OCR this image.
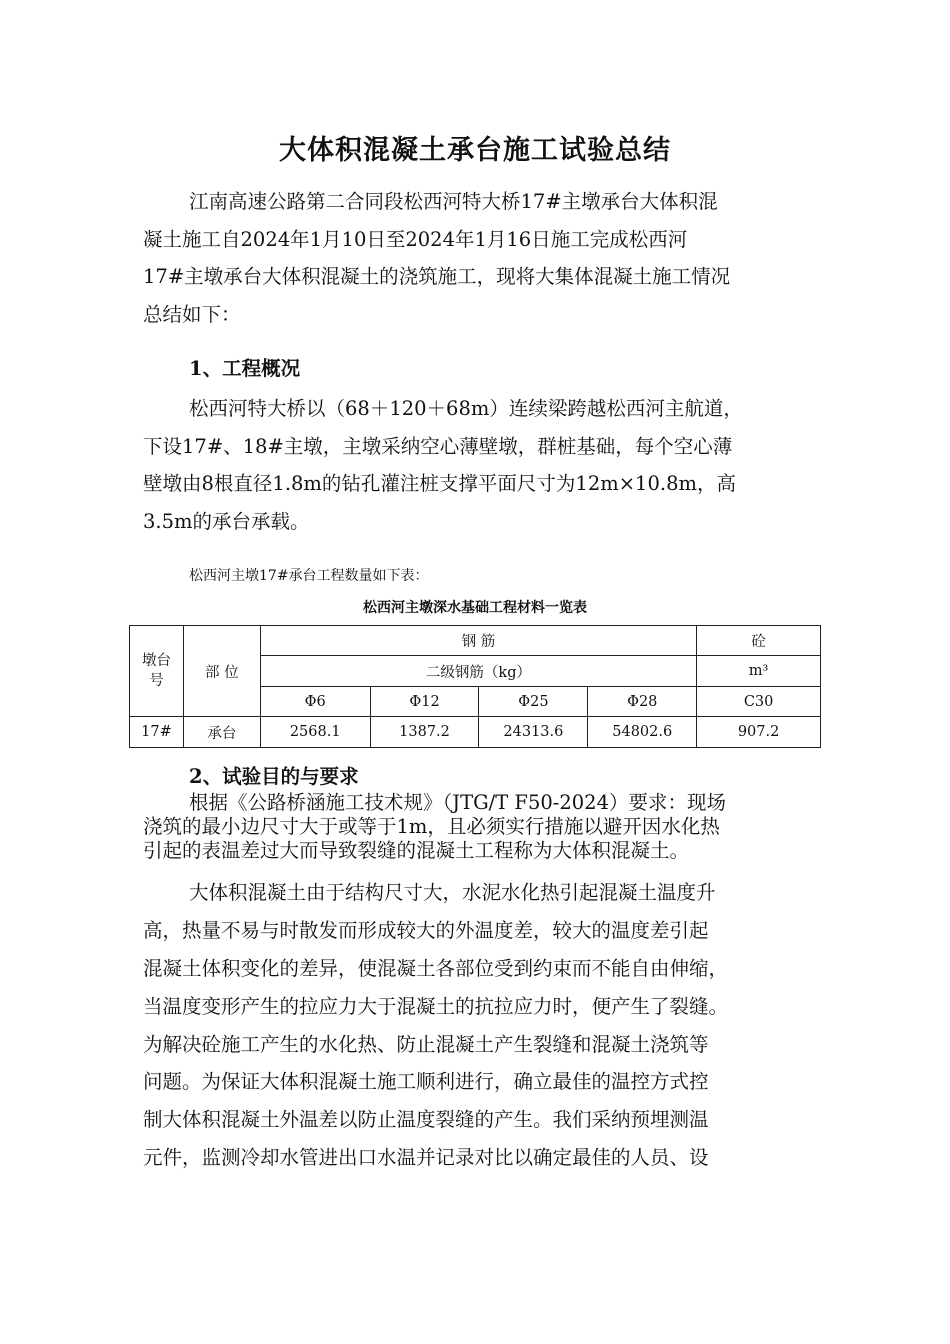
大体积混凝土承台施工试验总结
江南高速公路第二合同段松西河特大桥17#主墩承台大体积混
凝土施工自2024年1月10日至2024年1月16日施工完成松西河
17#主墩承台大体积混凝土的浇筑施工，现将大集体混凝土施工情况
总结如下：
1、工程概况
松西河特大桥以（68＋120＋68m）连续梁跨越松西河主航道，
下设17#、18#主墩，主墩采纳空心薄壁墩，群桩基础，每个空心薄
壁墩由8根直径1.8m的钻孔灌注桩支撑平面尺寸为12m×10.8m，高
3.5m的承台承载。
松西河主墩17#承台工程数量如下表：
松西河主墩深水基础工程材料一览表
墩台号	部 位	钢 筋				砼
		二级钢筋（kg）				m³
		Φ6	Φ12	Φ25	Φ28	C30
17#	承台	2568.1	1387.2	24313.6	54802.6	907.2
2、试验目的与要求
根据《公路桥涵施工技术规》（JTG/T F50-2024）要求：现场
浇筑的最小边尺寸大于或等于1m，且必须实行措施以避开因水化热
引起的表温差过大而导致裂缝的混凝土工程称为大体积混凝土。
大体积混凝土由于结构尺寸大，水泥水化热引起混凝土温度升
高，热量不易与时散发而形成较大的外温度差，较大的温度差引起
混凝土体积变化的差异，使混凝土各部位受到约束而不能自由伸缩，
当温度变形产生的拉应力大于混凝土的抗拉应力时，便产生了裂缝。
为解决砼施工产生的水化热、防止混凝土产生裂缝和混凝土浇筑等
问题。为保证大体积混凝土施工顺利进行，确立最佳的温控方式控
制大体积混凝土外温差以防止温度裂缝的产生。我们采纳预埋测温
元件，监测冷却水管进出口水温并记录对比以确定最佳的人员、设
